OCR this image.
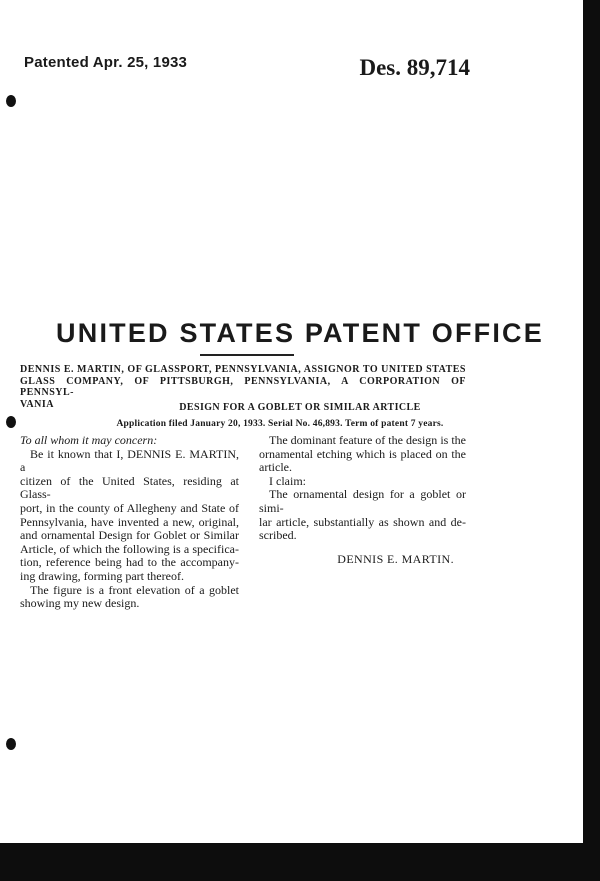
Patented Apr. 25, 1933	Des. 89,714
UNITED STATES PATENT OFFICE
DENNIS E. MARTIN, OF GLASSPORT, PENNSYLVANIA, ASSIGNOR TO UNITED STATES
GLASS COMPANY, OF PITTSBURGH, PENNSYLVANIA, A CORPORATION OF PENNSYL-
VANIA	DESIGN FOR A GOBLET OR SIMILAR ARTICLE
Application filed January 20, 1933. Serial No. 46,893. Term of patent 7 years.

To all whom it may concern:

Be it known that I, DENNIS E. MARTIN, a
citizen of the United States, residing at Glass-
port, in the county of Allegheny and State of
Pennsylvania, have invented a new, original,
and ornamental Design for Goblet or Similar
Article, of which the following is a specifica-
tion, reference being had to the accompany-
ing drawing, forming part thereof.

The figure is a front elevation of a goblet
showing my new design.

The dominant feature of the design is the
ornamental etching which is placed on the
article.

I claim:

The ornamental design for a goblet or simi-
lar article, substantially as shown and de-
scribed.

DENNIS E. MARTIN.
